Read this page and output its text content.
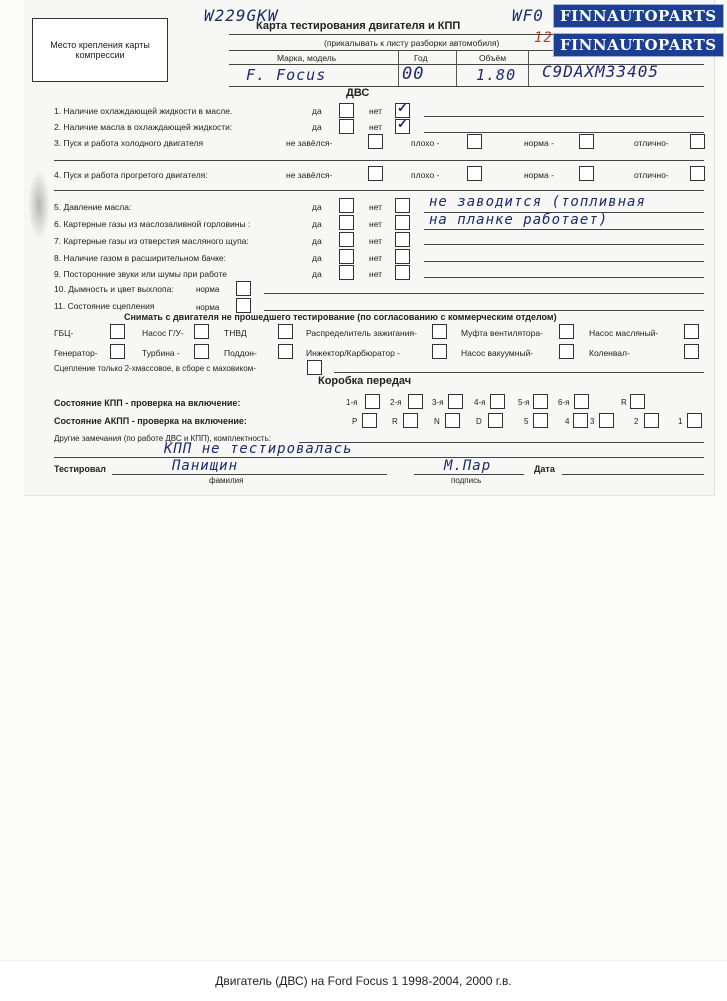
W229GKW	WF0
12
Место крепления карты компрессии
Карта тестирования двигателя и КПП
(прикалывать к листу разборки автомобиля)
Марка, модель	Год	Объём
F. Focus	00	1.80 C9DAXM33405
ДВС
1. Наличие охлаждающей жидкости в масле.	да	нет ✓
2. Наличие масла в охлаждающей жидкости:	да	нет ✓
3. Пуск и работа холодного двигателя	не завёлся-	плохо -	норма -	отлично-
4. Пуск и работа прогретого двигателя:	не завёлся-	плохо -	норма -	отлично-
5. Давление масла:	да	нет	не заводится (топливная
6. Картерные газы из маслозаливной горловины :	да	нет	на планке работает)
7. Картерные газы из отверстия масляного щупа:	да	нет
8. Наличие газом в расширительном бачке:	да	нет
9. Посторонние звуки или шумы при работе	да	нет
10. Дымность и цвет выхлопа:	норма
11. Состояние сцепления	норма
Снимать с двигателя не прошедшего тестирование (по согласованию с коммерческим отделом)
ГБЦ-	Насос Г/У-	ТНВД	Распределитель зажигания-	Муфта вентилятора-	Насос масляный-
Генератор-	Турбина -	Поддон-	Инжектор/Карбюратор -	Насос вакуумный-	Коленвал-
Сцепление только 2-хмассовое, в сборе с маховиком-
Коробка передач
Состояние КПП - проверка на включение:	1-я	2-я	3-я	4-я	5-я	6-я	R
Состояние АКПП - проверка на включение:	P	R	N	D	5	4	3	2	1
Другие замечания (по работе ДВС и КПП), комплектность:
КПП не тестировалась
Тестировал	Панищин
фамилия
М.Пар
подпись
Дата
FINNAUTOPARTS
FINNAUTOPARTS
Двигатель (ДВС) на Ford Focus 1 1998-2004, 2000 г.в.
